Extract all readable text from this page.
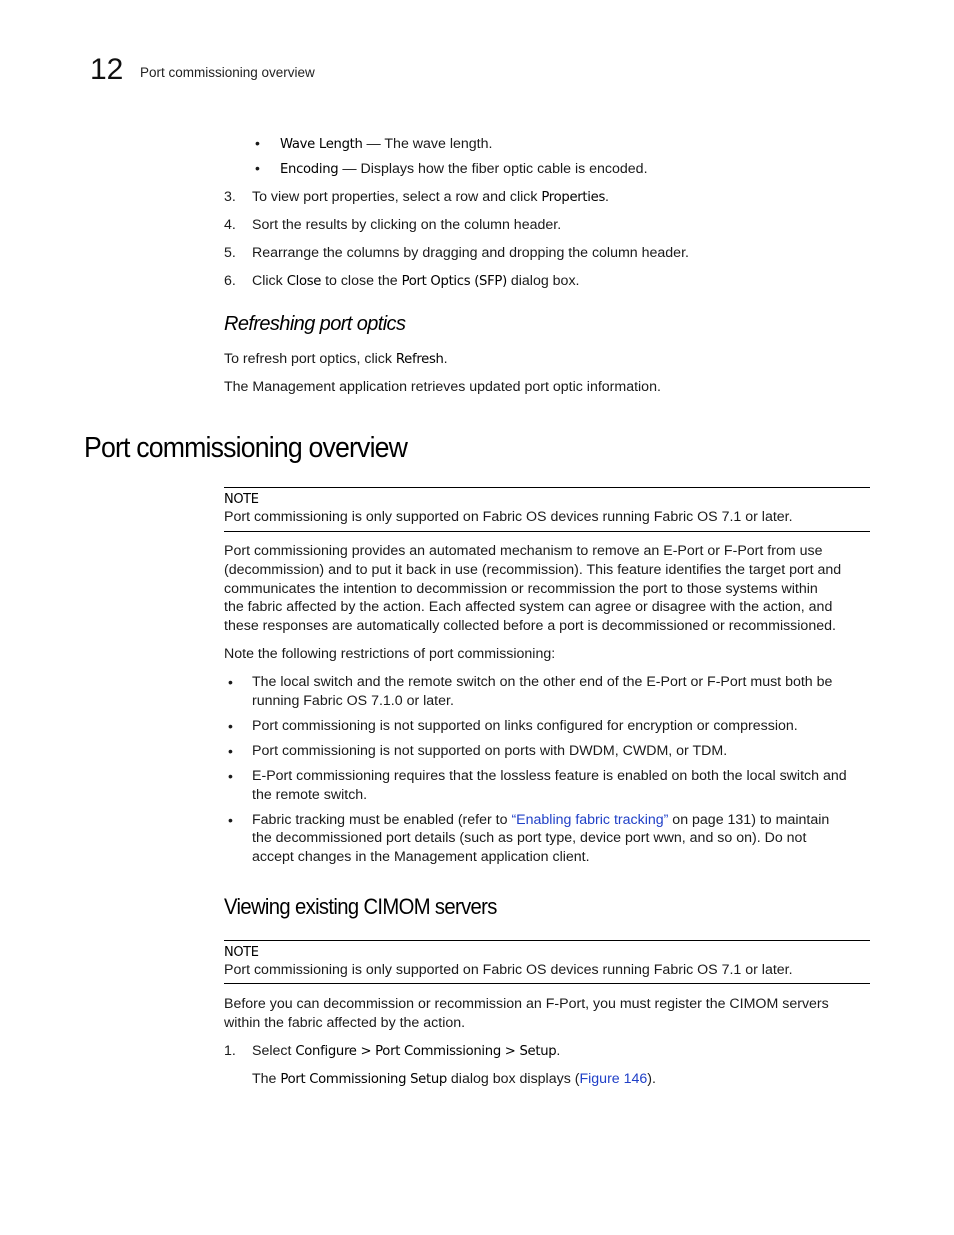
12 Port commissioning overview
• Wave Length — The wave length.
• Encoding — Displays how the fiber optic cable is encoded.
3. To view port properties, select a row and click Properties.
4. Sort the results by clicking on the column header.
5. Rearrange the columns by dragging and dropping the column header.
6. Click Close to close the Port Optics (SFP) dialog box.
Refreshing port optics
To refresh port optics, click Refresh.
The Management application retrieves updated port optic information.
Port commissioning overview
NOTE
Port commissioning is only supported on Fabric OS devices running Fabric OS 7.1 or later.
Port commissioning provides an automated mechanism to remove an E-Port or F-Port from use
(decommission) and to put it back in use (recommission). This feature identifies the target port and
communicates the intention to decommission or recommission the port to those systems within
the fabric affected by the action. Each affected system can agree or disagree with the action, and
these responses are automatically collected before a port is decommissioned or recommissioned.
Note the following restrictions of port commissioning:
• The local switch and the remote switch on the other end of the E-Port or F-Port must both be
running Fabric OS 7.1.0 or later.
• Port commissioning is not supported on links configured for encryption or compression.
• Port commissioning is not supported on ports with DWDM, CWDM, or TDM.
• E-Port commissioning requires that the lossless feature is enabled on both the local switch and
the remote switch.
• Fabric tracking must be enabled (refer to “Enabling fabric tracking” on page 131) to maintain
the decommissioned port details (such as port type, device port wwn, and so on). Do not
accept changes in the Management application client.
Viewing existing CIMOM servers
NOTE
Port commissioning is only supported on Fabric OS devices running Fabric OS 7.1 or later.
Before you can decommission or recommission an F-Port, you must register the CIMOM servers
within the fabric affected by the action.
1. Select Configure > Port Commissioning > Setup.
The Port Commissioning Setup dialog box displays (Figure 146).
